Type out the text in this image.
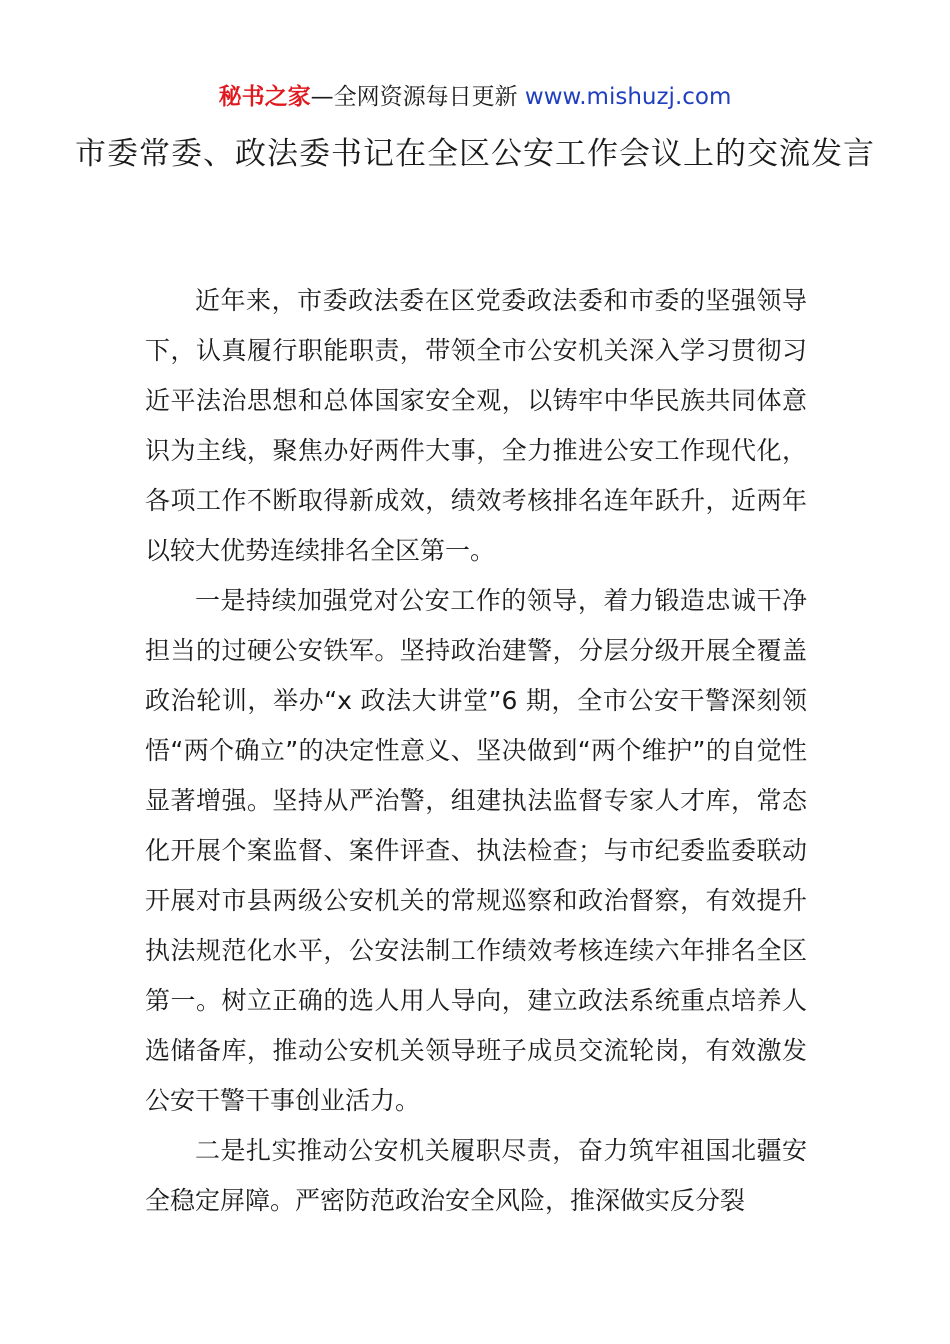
秘书之家—全网资源每日更新 www.mishuzj.com
市委常委、政法委书记在全区公安工作会议上的交流发言

近年来，市委政法委在区党委政法委和市委的坚强领导下，认真履行职能职责，带领全市公安机关深入学习贯彻习近平法治思想和总体国家安全观，以铸牢中华民族共同体意识为主线，聚焦办好两件大事，全力推进公安工作现代化，各项工作不断取得新成效，绩效考核排名连年跃升，近两年以较大优势连续排名全区第一。

一是持续加强党对公安工作的领导，着力锻造忠诚干净担当的过硬公安铁军。坚持政治建警，分层分级开展全覆盖政治轮训，举办“x 政法大讲堂”6 期，全市公安干警深刻领悟“两个确立”的决定性意义、坚决做到“两个维护”的自觉性显著增强。坚持从严治警，组建执法监督专家人才库，常态化开展个案监督、案件评查、执法检查；与市纪委监委联动开展对市县两级公安机关的常规巡察和政治督察，有效提升执法规范化水平，公安法制工作绩效考核连续六年排名全区第一。树立正确的选人用人导向，建立政法系统重点培养人选储备库，推动公安机关领导班子成员交流轮岗，有效激发公安干警干事创业活力。

二是扎实推动公安机关履职尽责，奋力筑牢祖国北疆安全稳定屏障。严密防范政治安全风险，推深做实反分裂
